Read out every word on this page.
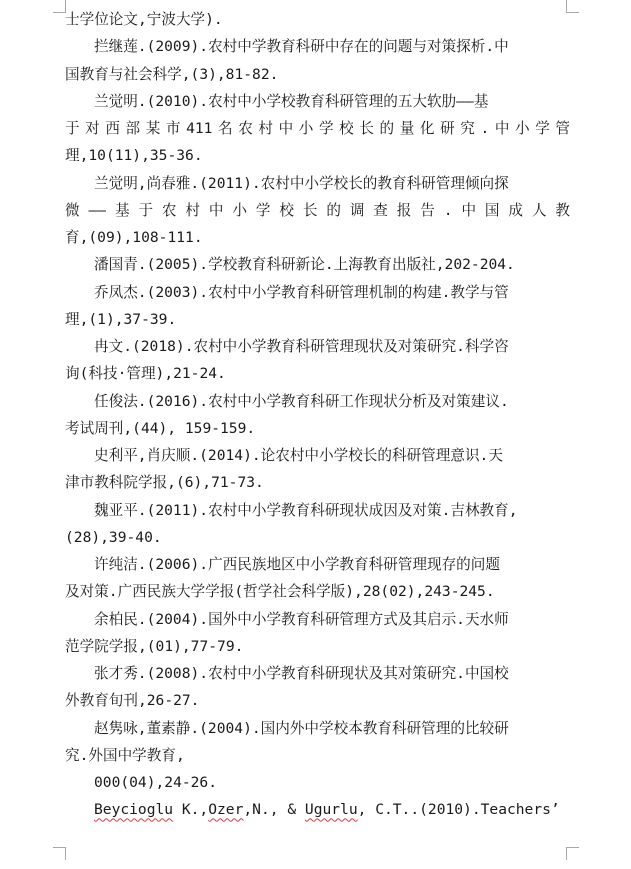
士学位论文,宁波大学).
拦继莲.(2009).农村中学教育科研中存在的问题与对策探析.中
国教育与社会科学,(3),81-82.
兰觉明.(2010).农村中小学校教育科研管理的五大软肋——基
于对西部某市411名农村中小学校长的量化研究.中小学管
理,10(11),35-36.
兰觉明,尚春雅.(2011).农村中小学校长的教育科研管理倾向探
微——基于农村中小学校长的调查报告.中国成人教
育,(09),108-111.
潘国青.(2005).学校教育科研新论.上海教育出版社,202-204.
乔凤杰.(2003).农村中小学教育科研管理机制的构建.教学与管
理,(1),37-39.
冉文.(2018).农村中小学教育科研管理现状及对策研究.科学咨
询(科技·管理),21-24.
任俊法.(2016).农村中小学教育科研工作现状分析及对策建议.
考试周刊,(44), 159-159.
史利平,肖庆顺.(2014).论农村中小学校长的科研管理意识.天
津市教科院学报,(6),71-73.
魏亚平.(2011).农村中小学教育科研现状成因及对策.吉林教育,
(28),39-40.
许纯洁.(2006).广西民族地区中小学教育科研管理现存的问题
及对策.广西民族大学学报(哲学社会科学版),28(02),243-245.
余柏民.(2004).国外中小学教育科研管理方式及其启示.天水师
范学院学报,(01),77-79.
张才秀.(2008).农村中小学教育科研现状及其对策研究.中国校
外教育旬刊,26-27.
赵隽咏,董素静.(2004).国内外中学校本教育科研管理的比较研
究.外国中学教育,
000(04),24-26.
Beycioglu K.,Ozer,N., & Ugurlu, C.T..(2010).Teachers’
